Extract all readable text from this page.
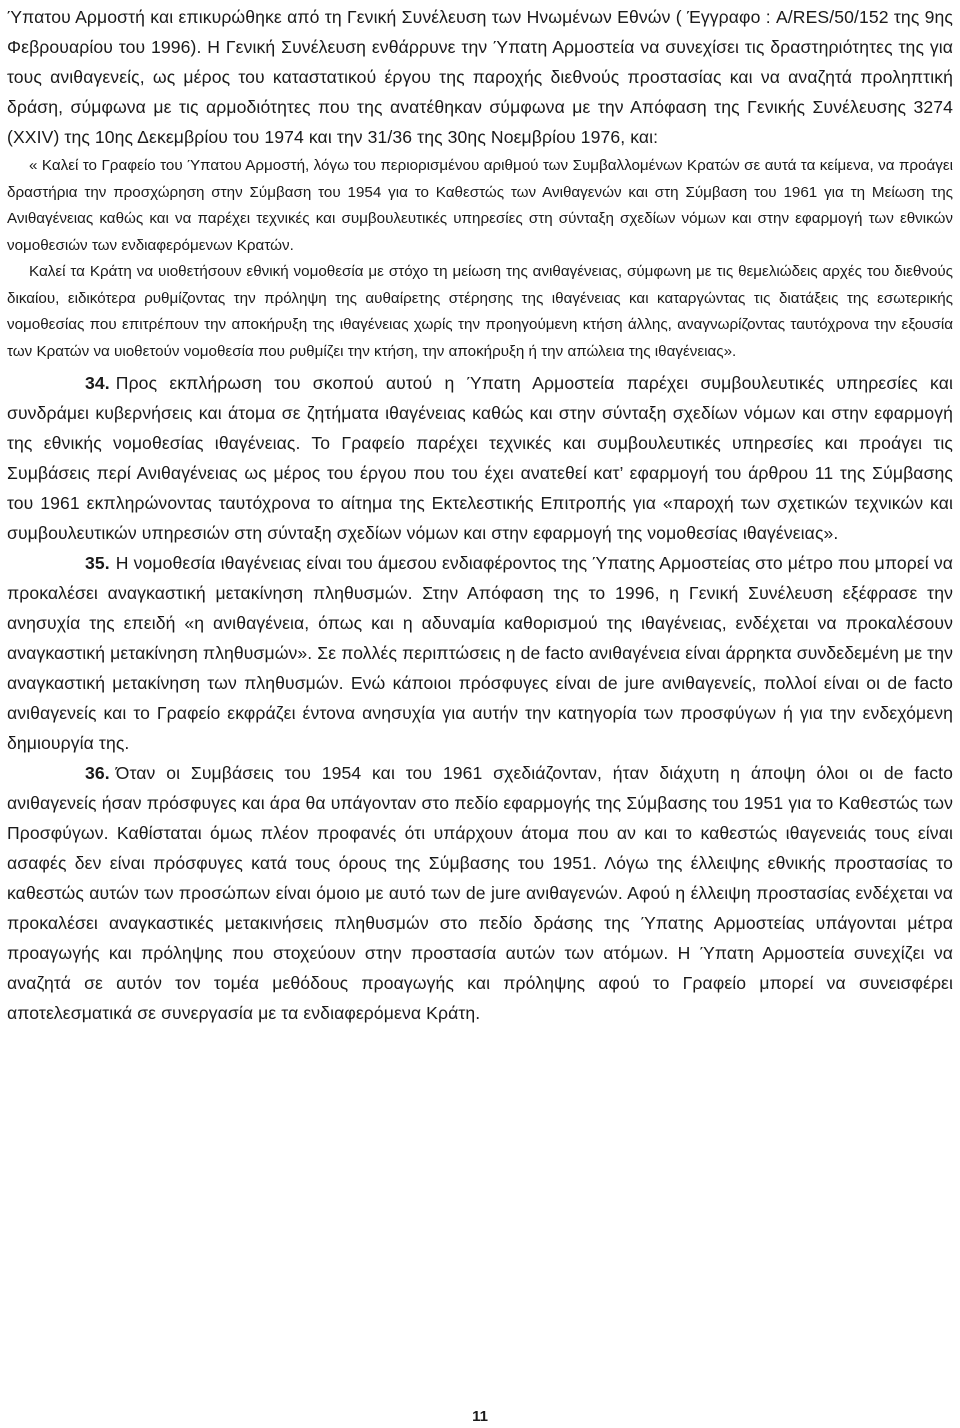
Ύπατου Αρμοστή και επικυρώθηκε από τη Γενική Συνέλευση των Ηνωμένων Εθνών ( Έγγραφο : A/RES/50/152 της 9ης Φεβρουαρίου του 1996). Η Γενική Συνέλευση ενθάρρυνε την Ύπατη Αρμοστεία να συνεχίσει τις δραστηριότητες της για τους ανιθαγενείς, ως μέρος του καταστατικού έργου της παροχής διεθνούς προστασίας και να αναζητά προληπτική δράση, σύμφωνα με τις αρμοδιότητες που της ανατέθηκαν σύμφωνα με την Απόφαση της Γενικής Συνέλευσης 3274 (XXIV) της 10ης Δεκεμβρίου του 1974 και την 31/36 της 30ης Νοεμβρίου 1976, και:

« Καλεί το Γραφείο του Ύπατου Αρμοστή, λόγω του περιορισμένου αριθμού των Συμβαλλομένων Κρατών σε αυτά τα κείμενα, να προάγει δραστήρια την προσχώρηση στην Σύμβαση του 1954 για το Καθεστώς των Ανιθαγενών και στη Σύμβαση του 1961 για τη Μείωση της Ανιθαγένειας καθώς και να παρέχει τεχνικές και συμβουλευτικές υπηρεσίες στη σύνταξη σχεδίων νόμων και στην εφαρμογή των εθνικών νομοθεσιών των ενδιαφερόμενων Κρατών.

Καλεί τα Κράτη να υιοθετήσουν εθνική νομοθεσία με στόχο τη μείωση της ανιθαγένειας, σύμφωνη με τις θεμελιώδεις αρχές του διεθνούς δικαίου, ειδικότερα ρυθμίζοντας την πρόληψη της αυθαίρετης στέρησης της ιθαγένειας και καταργώντας τις διατάξεις της εσωτερικής νομοθεσίας που επιτρέπουν την αποκήρυξη της ιθαγένειας χωρίς την προηγούμενη κτήση άλλης, αναγνωρίζοντας ταυτόχρονα την εξουσία των Κρατών να υιοθετούν νομοθεσία που ρυθμίζει την κτήση, την αποκήρυξη ή την απώλεια της ιθαγένειας».

34. Προς εκπλήρωση του σκοπού αυτού η Ύπατη Αρμοστεία παρέχει συμβουλευτικές υπηρεσίες και συνδράμει κυβερνήσεις και άτομα σε ζητήματα ιθαγένειας καθώς και στην σύνταξη σχεδίων νόμων και στην εφαρμογή της εθνικής νομοθεσίας ιθαγένειας. Το Γραφείο παρέχει τεχνικές και συμβουλευτικές υπηρεσίες και προάγει τις Συμβάσεις περί Ανιθαγένειας ως μέρος του έργου που του έχει ανατεθεί κατ’ εφαρμογή του άρθρου 11 της Σύμβασης του 1961 εκπληρώνοντας ταυτόχρονα το αίτημα της Εκτελεστικής Επιτροπής για «παροχή των σχετικών τεχνικών και συμβουλευτικών υπηρεσιών στη σύνταξη σχεδίων νόμων και στην εφαρμογή της νομοθεσίας ιθαγένειας».

35. Η νομοθεσία ιθαγένειας είναι του άμεσου ενδιαφέροντος της Ύπατης Αρμοστείας στο μέτρο που μπορεί να προκαλέσει αναγκαστική μετακίνηση πληθυσμών. Στην Απόφαση της το 1996, η Γενική Συνέλευση εξέφρασε την ανησυχία της επειδή «η ανιθαγένεια, όπως και η αδυναμία καθορισμού της ιθαγένειας, ενδέχεται να προκαλέσουν αναγκαστική μετακίνηση πληθυσμών». Σε πολλές περιπτώσεις η de facto ανιθαγένεια είναι άρρηκτα συνδεδεμένη με την αναγκαστική μετακίνηση των πληθυσμών. Ενώ κάποιοι πρόσφυγες είναι de jure ανιθαγενείς, πολλοί είναι οι de facto ανιθαγενείς και το Γραφείο εκφράζει έντονα ανησυχία για αυτήν την κατηγορία των προσφύγων ή για την ενδεχόμενη δημιουργία της.

36. Όταν οι Συμβάσεις του 1954 και του 1961 σχεδιάζονταν, ήταν διάχυτη η άποψη όλοι οι de facto ανιθαγενείς ήσαν πρόσφυγες και άρα θα υπάγονταν στο πεδίο εφαρμογής της Σύμβασης του 1951 για το Καθεστώς των Προσφύγων. Καθίσταται όμως πλέον προφανές ότι υπάρχουν άτομα που αν και το καθεστώς ιθαγενειάς τους είναι ασαφές δεν είναι πρόσφυγες κατά τους όρους της Σύμβασης του 1951. Λόγω της έλλειψης εθνικής προστασίας το καθεστώς αυτών των προσώπων είναι όμοιο με αυτό των de jure ανιθαγενών. Αφού η έλλειψη προστασίας ενδέχεται να προκαλέσει αναγκαστικές μετακινήσεις πληθυσμών στο πεδίο δράσης της Ύπατης Αρμοστείας υπάγονται μέτρα προαγωγής και πρόληψης που στοχεύουν στην προστασία αυτών των ατόμων. Η Ύπατη Αρμοστεία συνεχίζει να αναζητά σε αυτόν τον τομέα μεθόδους προαγωγής και πρόληψης αφού το Γραφείο μπορεί να συνεισφέρει αποτελεσματικά σε συνεργασία με τα ενδιαφερόμενα Κράτη.

11
